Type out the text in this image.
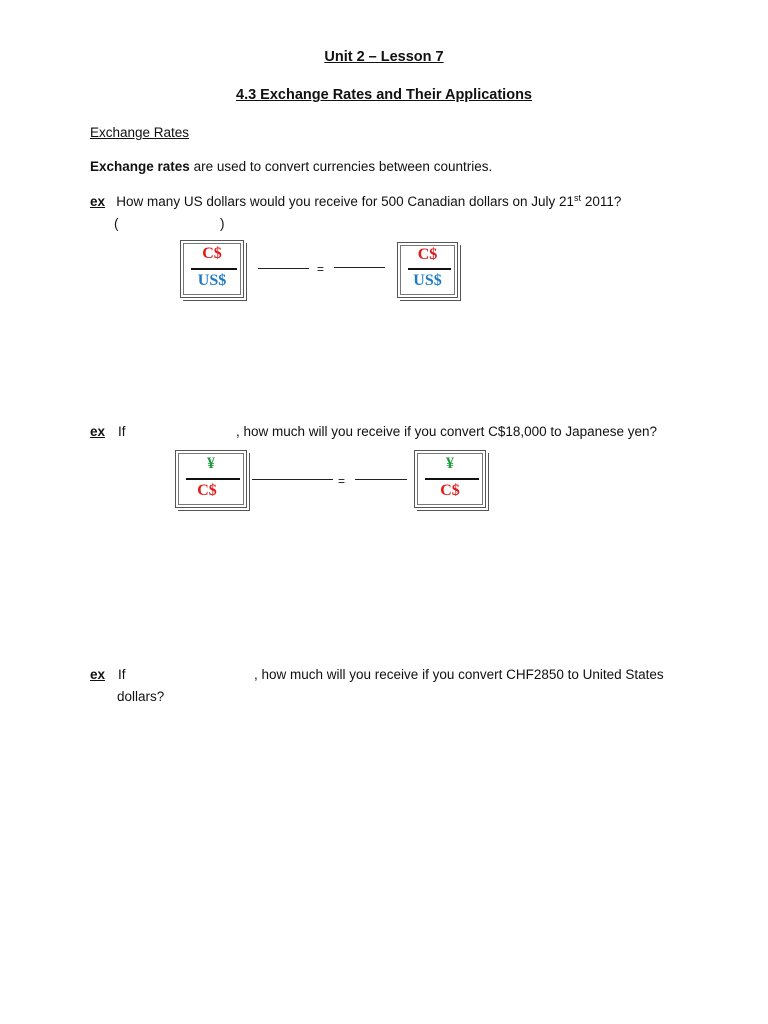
Unit 2 – Lesson 7
4.3 Exchange Rates and Their Applications
Exchange Rates
Exchange rates are used to convert currencies between countries.
ex How many US dollars would you receive for 500 Canadian dollars on July 21st 2011?
(	)
C$
US$
=
C$
US$
ex If	, how much will you receive if you convert C$18,000 to Japanese yen?
¥
C$
=
¥
C$
ex If	, how much will you receive if you convert CHF2850 to United States
dollars?
